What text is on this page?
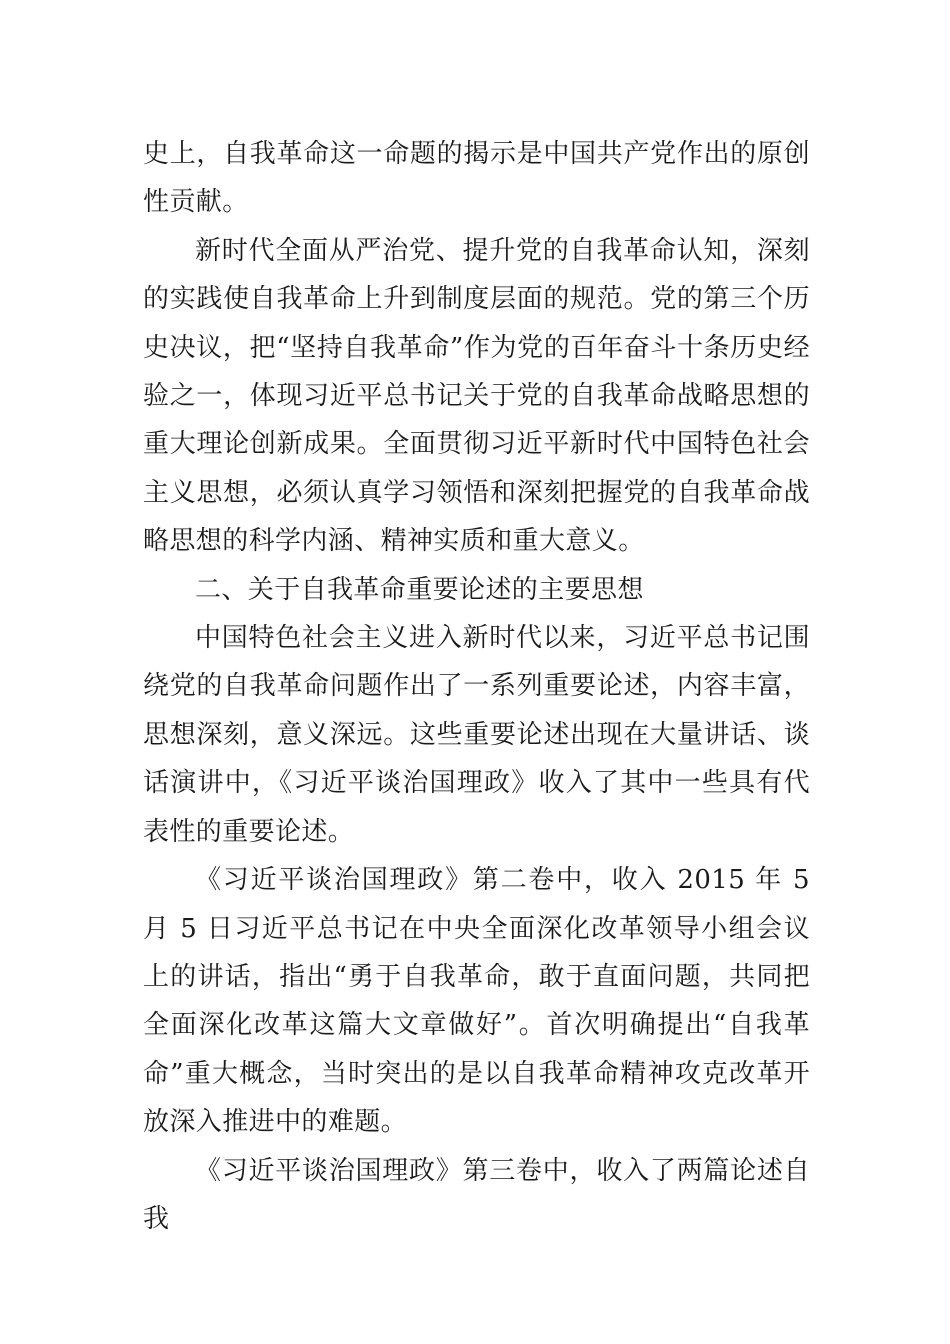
史上，自我革命这一命题的揭示是中国共产党作出的原创性贡献。

新时代全面从严治党、提升党的自我革命认知，深刻的实践使自我革命上升到制度层面的规范。党的第三个历史决议，把“坚持自我革命”作为党的百年奋斗十条历史经验之一，体现习近平总书记关于党的自我革命战略思想的重大理论创新成果。全面贯彻习近平新时代中国特色社会主义思想，必须认真学习领悟和深刻把握党的自我革命战略思想的科学内涵、精神实质和重大意义。

二、关于自我革命重要论述的主要思想

中国特色社会主义进入新时代以来，习近平总书记围绕党的自我革命问题作出了一系列重要论述，内容丰富，思想深刻，意义深远。这些重要论述出现在大量讲话、谈话演讲中，《习近平谈治国理政》收入了其中一些具有代表性的重要论述。

《习近平谈治国理政》第二卷中，收入 2015 年 5 月 5 日习近平总书记在中央全面深化改革领导小组会议上的讲话，指出“勇于自我革命，敢于直面问题，共同把全面深化改革这篇大文章做好”。首次明确提出“自我革命”重大概念，当时突出的是以自我革命精神攻克改革开放深入推进中的难题。

《习近平谈治国理政》第三卷中，收入了两篇论述自我
